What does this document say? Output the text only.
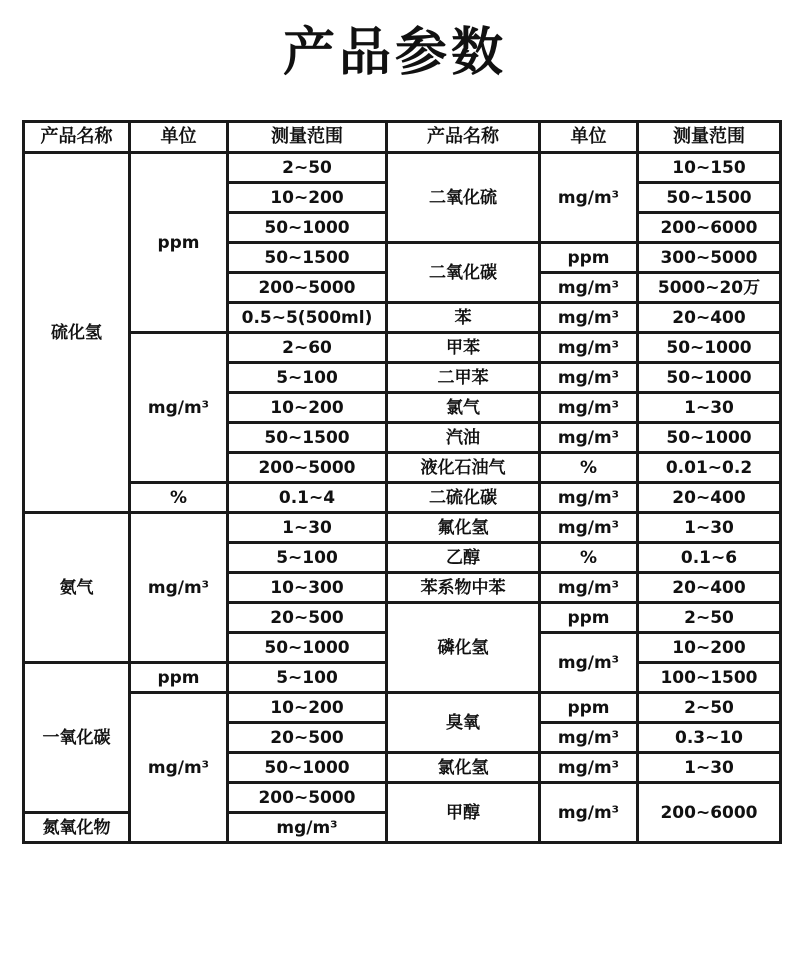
产品参数
产品名称	单位	测量范围	产品名称	单位	测量范围	
硫化氢	ppm	2~50	二氧化硫	mg/m³	10~150	
		10~200			50~1500	
		50~1000			200~6000	
		50~1500	二氧化碳	ppm	300~5000	
		200~5000		mg/m³	5000~20万	
		0.5~5(500ml)	苯	mg/m³	20~400	
	mg/m³	2~60	甲苯	mg/m³	50~1000	
		5~100	二甲苯	mg/m³	50~1000	
		10~200	氯气	mg/m³	1~30	
		50~1500	汽油	mg/m³	50~1000	
		200~5000	液化石油气	%	0.01~0.2	
	%	0.1~4	二硫化碳	mg/m³	20~400	
氨气	mg/m³	1~30	氟化氢	mg/m³	1~30	
		5~100	乙醇	%	0.1~6	
		10~300	苯系物中苯	mg/m³	20~400	
		20~500	磷化氢	ppm	2~50	
		50~1000		mg/m³	10~200	
一氧化碳	ppm	5~100			100~1500	
	mg/m³	10~200	臭氧	ppm	2~50	
		20~500		mg/m³	0.3~10	
		50~1000	氯化氢	mg/m³	1~30	
		200~5000	甲醇	mg/m³	200~6000	
氮氧化物		mg/m³	
